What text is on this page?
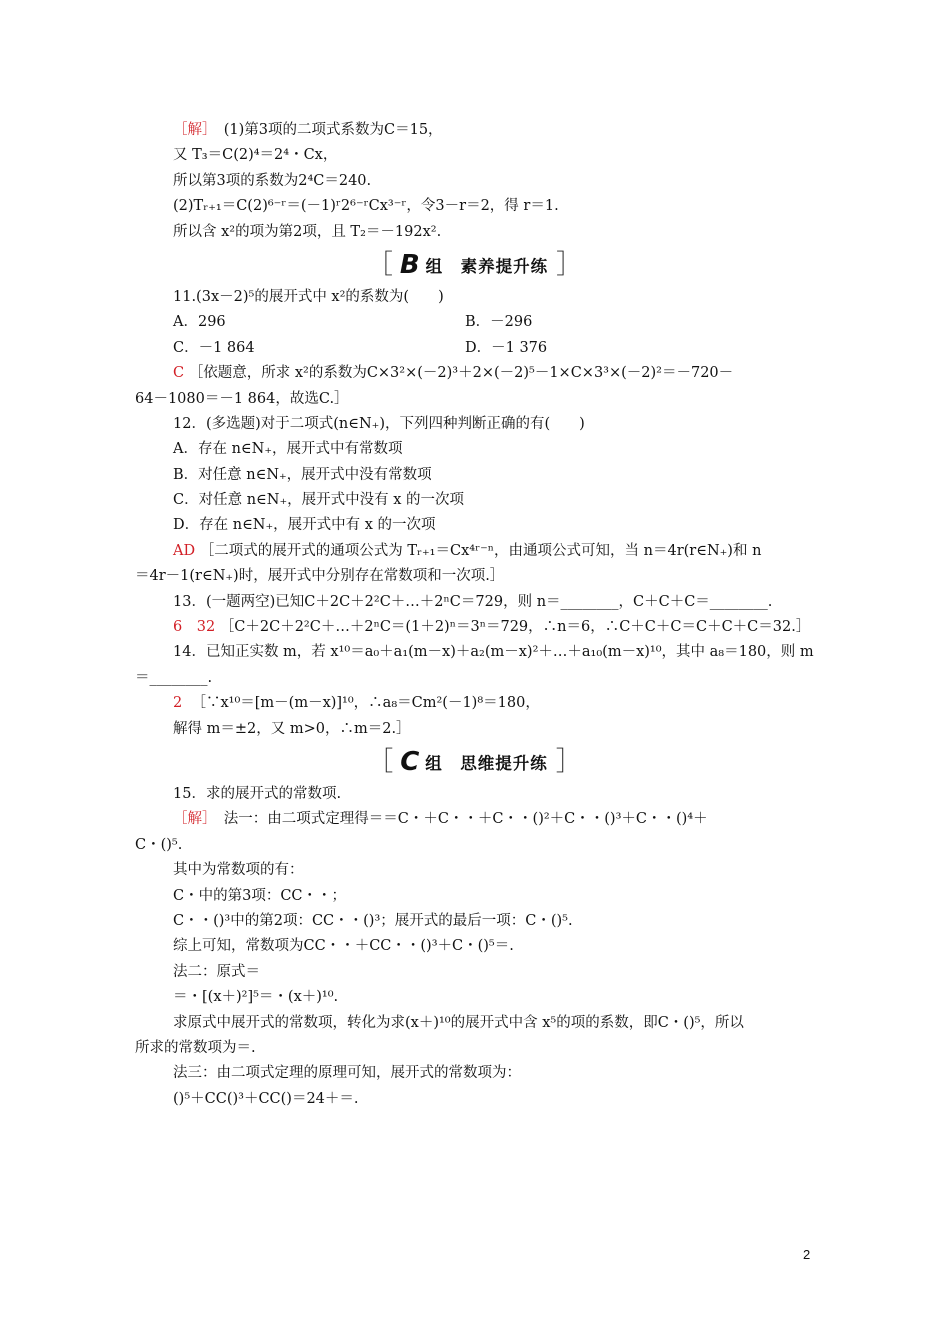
［解］　(1)第3项的二项式系数为C＝15，
又 T₃＝C(2)⁴＝2⁴・Cx，
所以第3项的系数为2⁴C＝240.
(2)Tᵣ₊₁＝C(2)⁶⁻ʳ＝(－1)ʳ2⁶⁻ʳCx³⁻ʳ，令3－r＝2，得 r＝1.
所以含 x²的项为第2项，且 T₂＝－192x².
［ B 组　素养提升练 ］
11.(3x－2)⁵的展开式中 x²的系数为(　　)
A．296	B．－296
C．－1 864	D．－1 376
C ［依题意，所求 x²的系数为C×3²×(－2)³＋2×(－2)⁵－1×C×3³×(－2)²＝－720－
64－1080＝－1 864，故选C.］
12．(多选题)对于二项式(n∈N₊)，下列四种判断正确的有(　　)
A．存在 n∈N₊，展开式中有常数项
B．对任意 n∈N₊，展开式中没有常数项
C．对任意 n∈N₊，展开式中没有 x 的一次项
D．存在 n∈N₊，展开式中有 x 的一次项
AD ［二项式的展开式的通项公式为 Tᵣ₊₁＝Cx⁴ʳ⁻ⁿ，由通项公式可知，当 n＝4r(r∈N₊)和 n
＝4r－1(r∈N₊)时，展开式中分别存在常数项和一次项.］
13．(一题两空)已知C＋2C＋2²C＋…＋2ⁿC＝729，则 n＝________，C＋C＋C＝________.
6　32 ［C＋2C＋2²C＋…＋2ⁿC＝(1＋2)ⁿ＝3ⁿ＝729，∴n＝6，∴C＋C＋C＝C＋C＋C＝32.］
14．已知正实数 m，若 x¹⁰＝a₀＋a₁(m－x)＋a₂(m－x)²＋…＋a₁₀(m－x)¹⁰，其中 a₈＝180，则 m
＝________.
2 ［∵x¹⁰＝[m－(m－x)]¹⁰，∴a₈＝Cm²(－1)⁸＝180，
解得 m＝±2，又 m>0，∴m＝2.］
［ C 组　思维提升练 ］
15．求的展开式的常数项.
［解］　法一：由二项式定理得＝＝C・＋C・・＋C・・()²＋C・・()³＋C・・()⁴＋
C・()⁵.
其中为常数项的有：
C・中的第3项：CC・・；
C・・()³中的第2项：CC・・()³；展开式的最后一项：C・()⁵.
综上可知，常数项为CC・・＋CC・・()³＋C・()⁵＝.
法二：原式＝
＝・[(x＋)²]⁵＝・(x＋)¹⁰.
求原式中展开式的常数项，转化为求(x＋)¹⁰的展开式中含 x⁵的项的系数，即C・()⁵，所以
所求的常数项为＝.
法三：由二项式定理的原理可知，展开式的常数项为：
()⁵＋CC()³＋CC()＝24＋＝.
2
